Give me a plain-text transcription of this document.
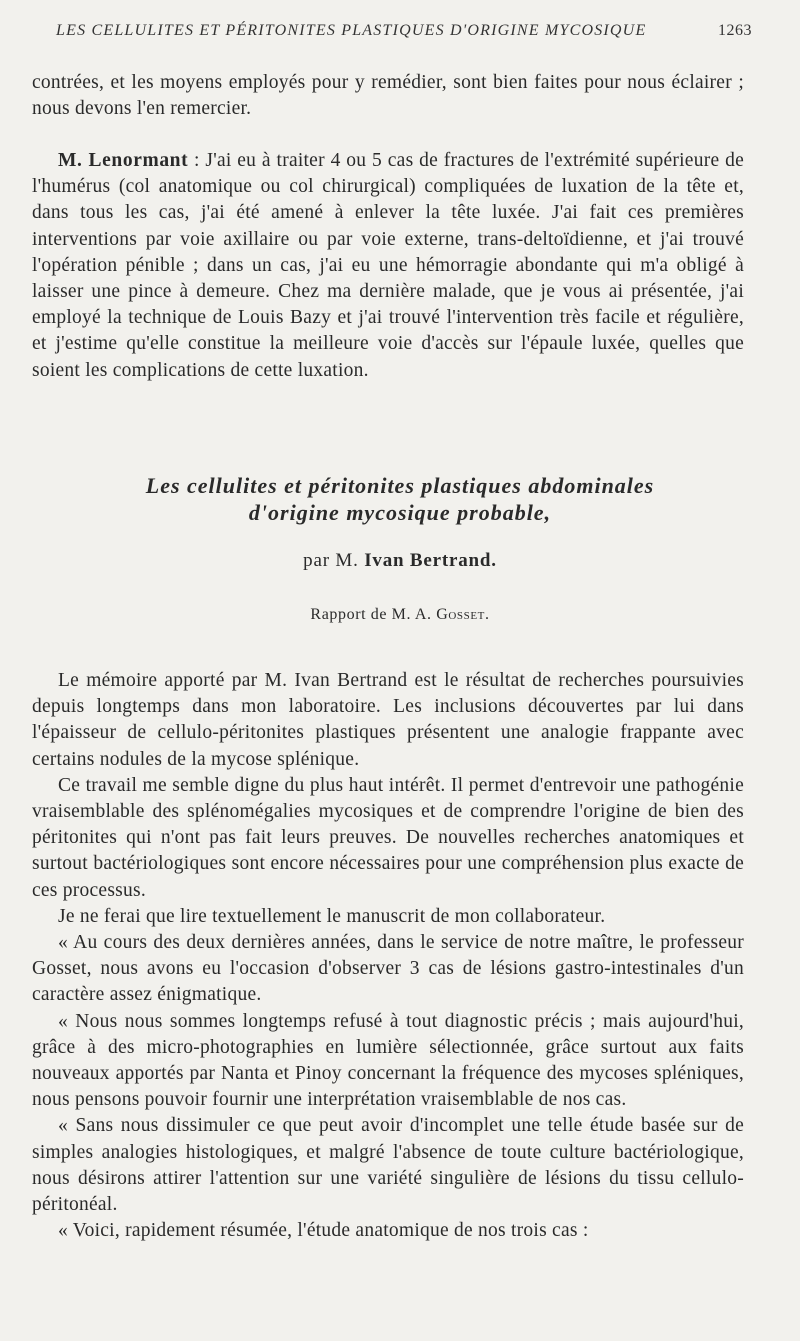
LES CELLULITES ET PÉRITONITES PLASTIQUES D'ORIGINE MYCOSIQUE	1263

contrées, et les moyens employés pour y remédier, sont bien faites pour nous éclairer ; nous devons l'en remercier.

M. Lenormant : J'ai eu à traiter 4 ou 5 cas de fractures de l'extrémité supérieure de l'humérus (col anatomique ou col chirurgical) compliquées de luxation de la tête et, dans tous les cas, j'ai été amené à enlever la tête luxée. J'ai fait ces premières interventions par voie axillaire ou par voie externe, trans-deltoïdienne, et j'ai trouvé l'opération pénible ; dans un cas, j'ai eu une hémorragie abondante qui m'a obligé à laisser une pince à demeure. Chez ma dernière malade, que je vous ai présentée, j'ai employé la technique de Louis Bazy et j'ai trouvé l'intervention très facile et régulière, et j'estime qu'elle constitue la meilleure voie d'accès sur l'épaule luxée, quelles que soient les complications de cette luxation.

Les cellulites et péritonites plastiques abdominales
d'origine mycosique probable,
par M. Ivan Bertrand.
Rapport de M. A. Gosset.

Le mémoire apporté par M. Ivan Bertrand est le résultat de recherches poursuivies depuis longtemps dans mon laboratoire. Les inclusions découvertes par lui dans l'épaisseur de cellulo-péritonites plastiques présentent une analogie frappante avec certains nodules de la mycose splénique.

Ce travail me semble digne du plus haut intérêt. Il permet d'entrevoir une pathogénie vraisemblable des splénomégalies mycosiques et de comprendre l'origine de bien des péritonites qui n'ont pas fait leurs preuves. De nouvelles recherches anatomiques et surtout bactériologiques sont encore nécessaires pour une compréhension plus exacte de ces processus.

Je ne ferai que lire textuellement le manuscrit de mon collaborateur.

« Au cours des deux dernières années, dans le service de notre maître, le professeur Gosset, nous avons eu l'occasion d'observer 3 cas de lésions gastro-intestinales d'un caractère assez énigmatique.

« Nous nous sommes longtemps refusé à tout diagnostic précis ; mais aujourd'hui, grâce à des micro-photographies en lumière sélectionnée, grâce surtout aux faits nouveaux apportés par Nanta et Pinoy concernant la fréquence des mycoses spléniques, nous pensons pouvoir fournir une interprétation vraisemblable de nos cas.

« Sans nous dissimuler ce que peut avoir d'incomplet une telle étude basée sur de simples analogies histologiques, et malgré l'absence de toute culture bactériologique, nous désirons attirer l'attention sur une variété singulière de lésions du tissu cellulo-péritonéal.

« Voici, rapidement résumée, l'étude anatomique de nos trois cas :
